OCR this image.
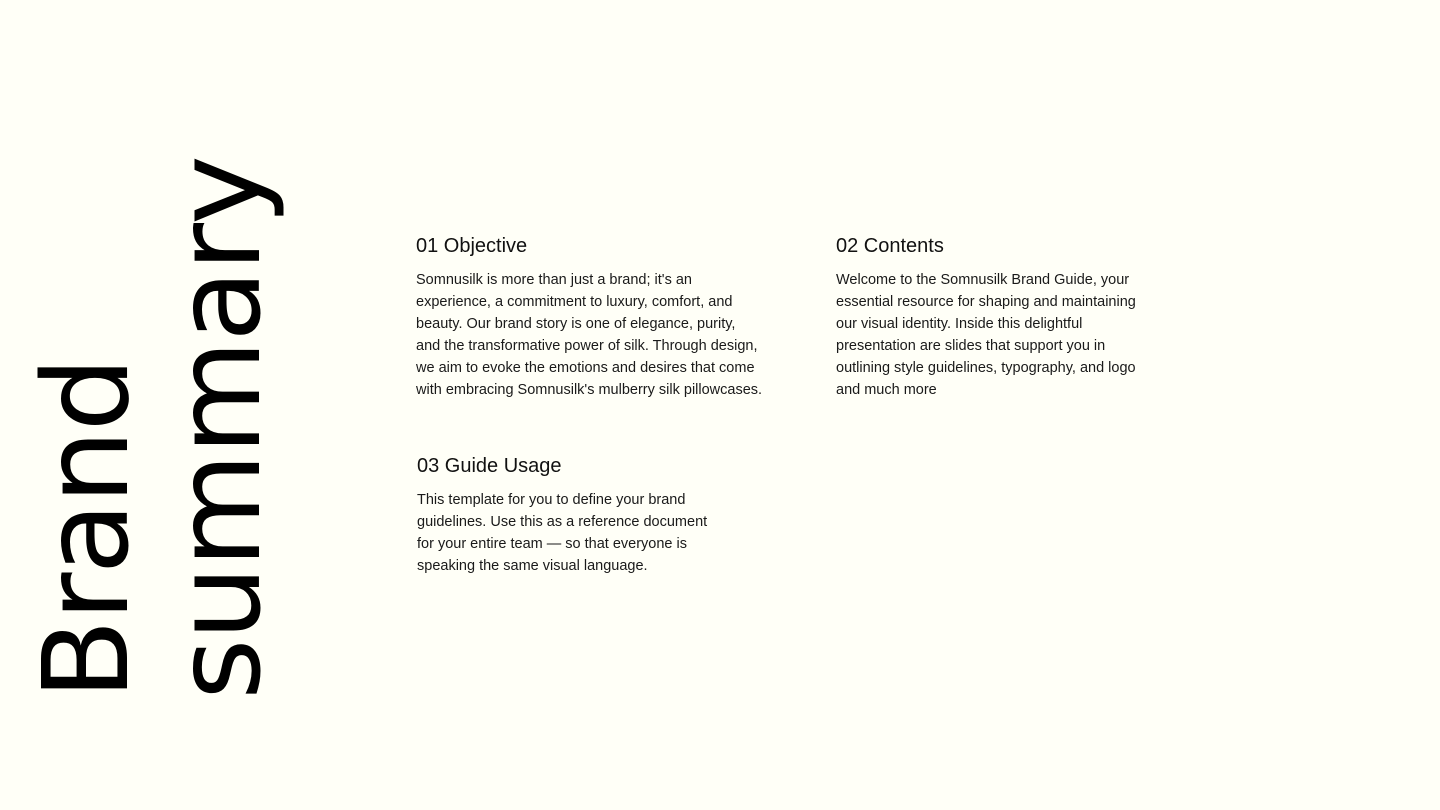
Brand
summary	01 Objective

Somnusilk is more than just a brand; it's an
experience, a commitment to luxury, comfort, and
beauty. Our brand story is one of elegance, purity,
and the transformative power of silk. Through design,
we aim to evoke the emotions and desires that come
with embracing Somnusilk's mulberry silk pillowcases.

02 Contents

Welcome to the Somnusilk Brand Guide, your
essential resource for shaping and maintaining
our visual identity. Inside this delightful
presentation are slides that support you in
outlining style guidelines, typography, and logo
and much more

03 Guide Usage

This template for you to define your brand
guidelines. Use this as a reference document
for your entire team — so that everyone is
speaking the same visual language.
